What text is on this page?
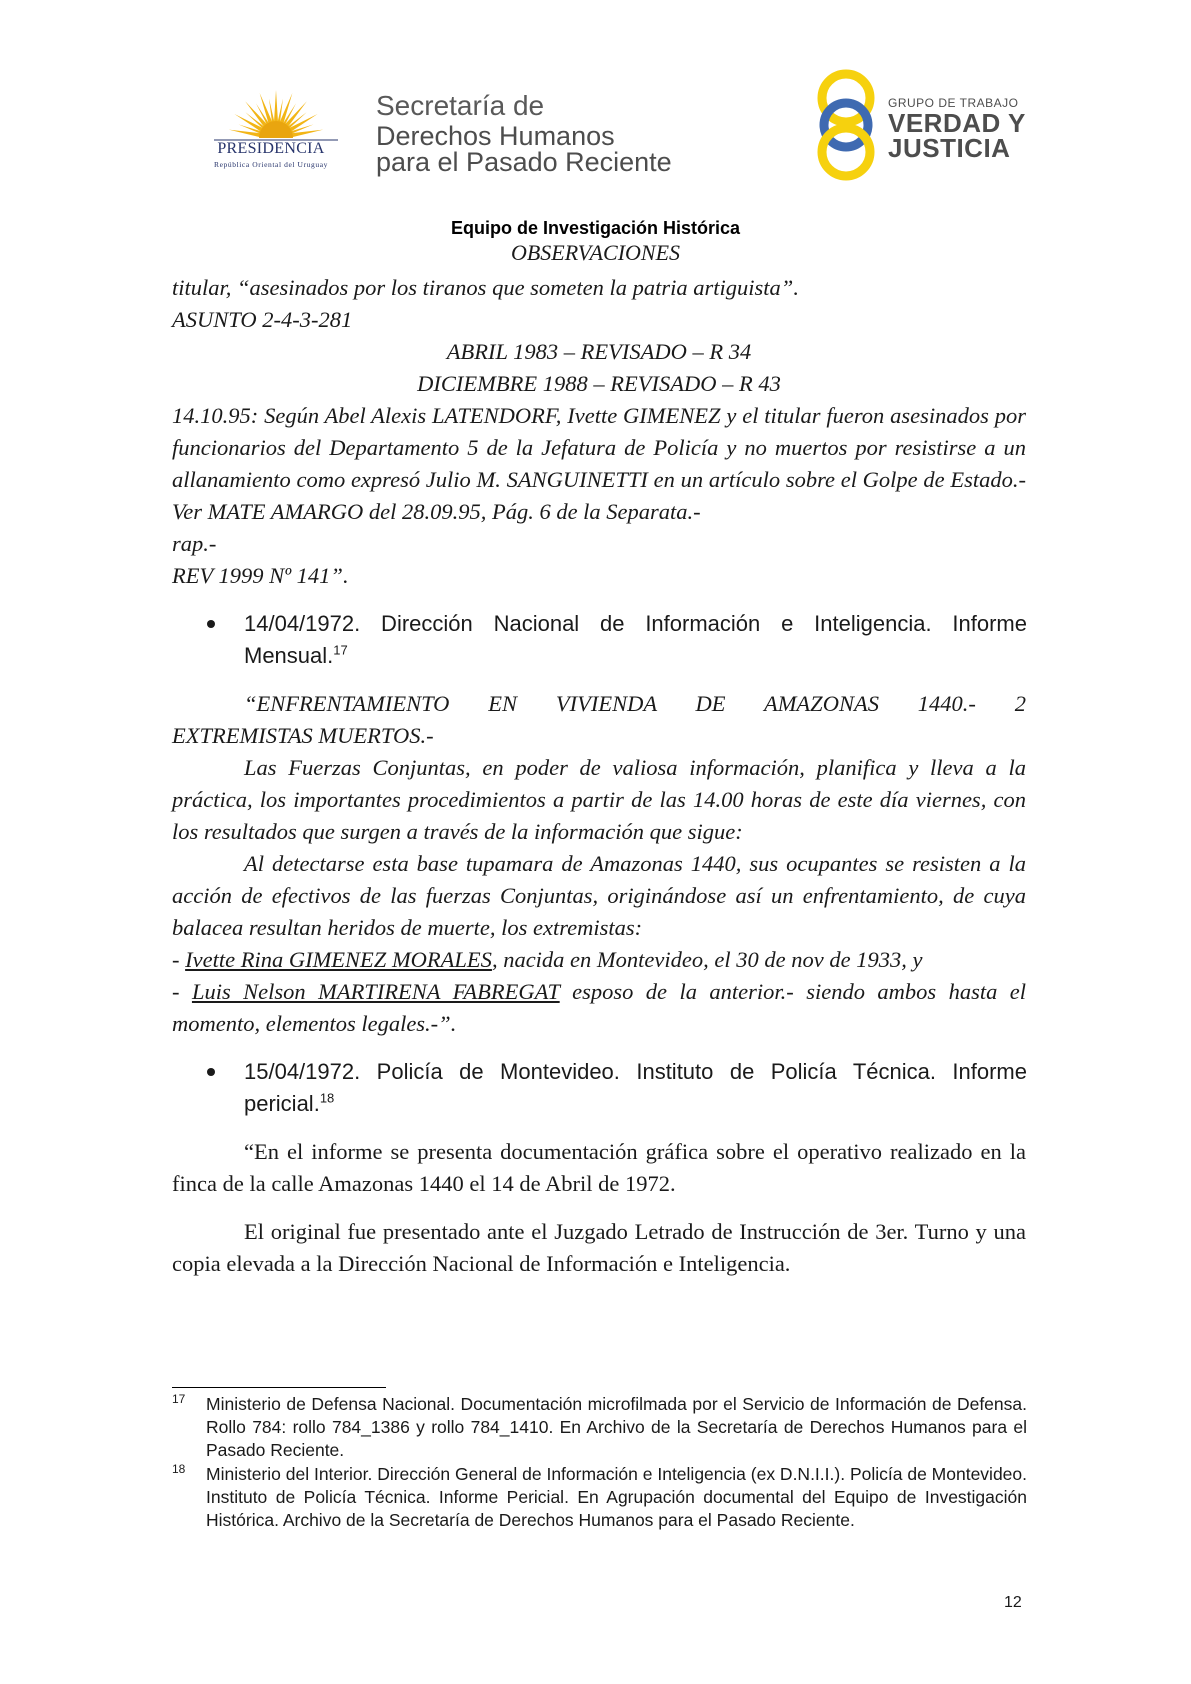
PRESIDENCIA
República Oriental del Uruguay
Secretaría de
Derechos Humanos
para el Pasado Reciente
GRUPO DE TRABAJO
VERDAD Y
JUSTICIA
Equipo de Investigación Histórica
OBSERVACIONES
titular, “asesinados por los tiranos que someten la patria artiguista”.
ASUNTO 2-4-3-281
ABRIL 1983 – REVISADO – R 34
DICIEMBRE 1988 – REVISADO – R 43
14.10.95: Según Abel Alexis LATENDORF, Ivette GIMENEZ y el titular fueron asesinados por funcionarios del Departamento 5 de la Jefatura de Policía y no muertos por resistirse a un allanamiento como expresó Julio M. SANGUINETTI en un artículo sobre el Golpe de Estado.-Ver MATE AMARGO del 28.09.95, Pág. 6 de la Separata.-
rap.-
REV 1999 Nº 141”.
14/04/1972. Dirección Nacional de Información e Inteligencia. Informe Mensual.$^{17}$
“ENFRENTAMIENTO EN VIVIENDA DE AMAZONAS 1440.- 2
EXTREMISTAS MUERTOS.-
Las Fuerzas Conjuntas, en poder de valiosa información, planifica y lleva a la práctica, los importantes procedimientos a partir de las 14.00 horas de este día viernes, con los resultados que surgen a través de la información que sigue:
Al detectarse esta base tupamara de Amazonas 1440, sus ocupantes se resisten a la acción de efectivos de las fuerzas Conjuntas, originándose así un enfrentamiento, de cuya balacea resultan heridos de muerte, los extremistas:
- Ivette Rina GIMENEZ MORALES, nacida en Montevideo, el 30 de nov de 1933, y
- Luis Nelson MARTIRENA FABREGAT esposo de la anterior.- siendo ambos hasta el momento, elementos legales.-”.
15/04/1972. Policía de Montevideo. Instituto de Policía Técnica. Informe pericial.$^{18}$
“En el informe se presenta documentación gráfica sobre el operativo realizado en la finca de la calle Amazonas 1440 el 14 de Abril de 1972.
El original fue presentado ante el Juzgado Letrado de Instrucción de 3er. Turno y una copia elevada a la Dirección Nacional de Información e Inteligencia.
17 Ministerio de Defensa Nacional. Documentación microfilmada por el Servicio de Información de Defensa. Rollo 784: rollo 784_1386 y rollo 784_1410. En Archivo de la Secretaría de Derechos Humanos para el Pasado Reciente.
18 Ministerio del Interior. Dirección General de Información e Inteligencia (ex D.N.I.I.). Policía de Montevideo. Instituto de Policía Técnica. Informe Pericial. En Agrupación documental del Equipo de Investigación Histórica. Archivo de la Secretaría de Derechos Humanos para el Pasado Reciente.
12
